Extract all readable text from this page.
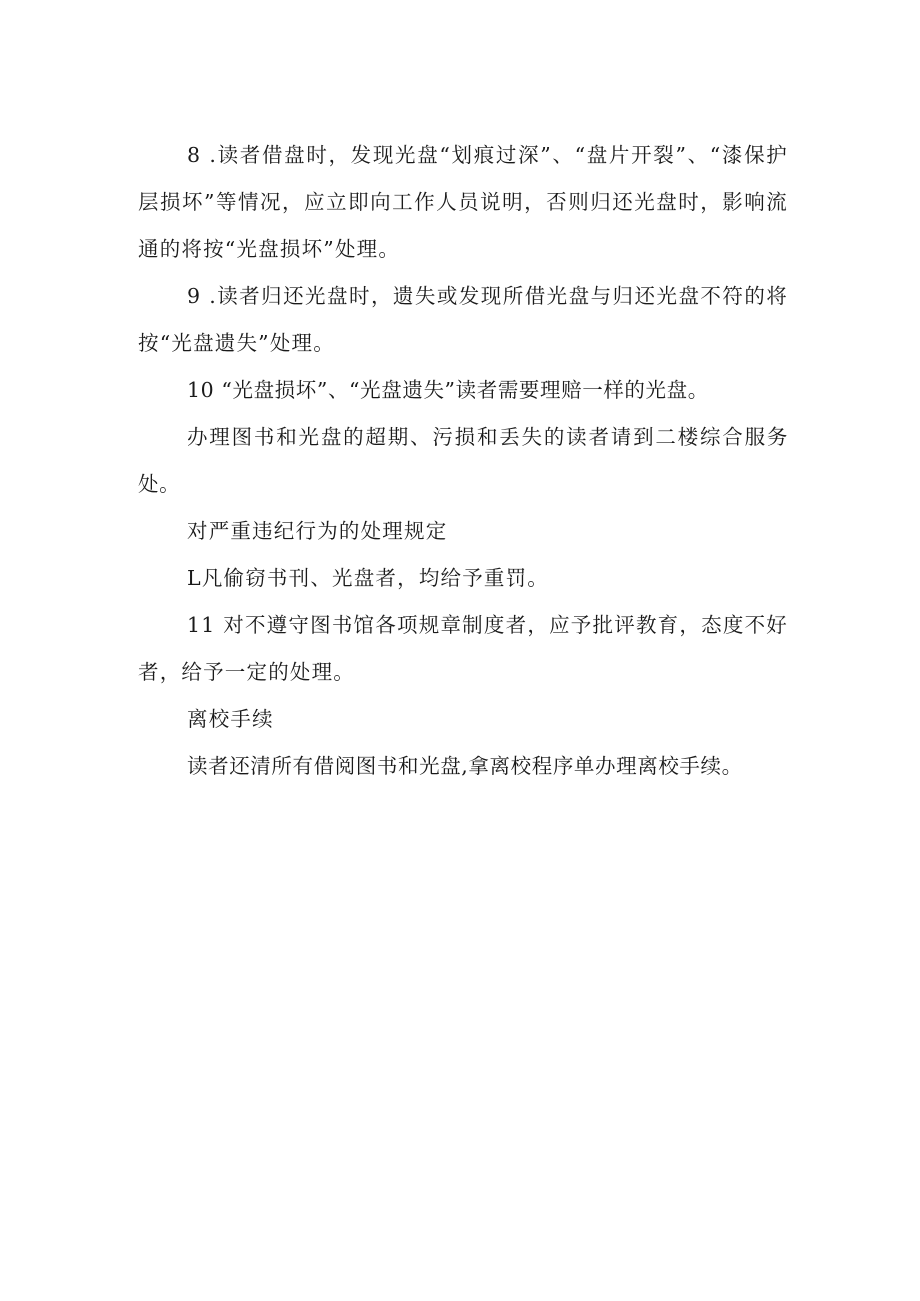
8 .读者借盘时，发现光盘“划痕过深”、“盘片开裂”、“漆保护层损坏”等情况，应立即向工作人员说明，否则归还光盘时，影响流通的将按“光盘损坏”处理。

9 .读者归还光盘时，遗失或发现所借光盘与归还光盘不符的将按“光盘遗失”处理。

10 “光盘损坏”、“光盘遗失”读者需要理赔一样的光盘。

办理图书和光盘的超期、污损和丢失的读者请到二楼综合服务处。

对严重违纪行为的处理规定

L凡偷窃书刊、光盘者，均给予重罚。

11 对不遵守图书馆各项规章制度者，应予批评教育，态度不好者，给予一定的处理。

离校手续

读者还清所有借阅图书和光盘,拿离校程序单办理离校手续。
